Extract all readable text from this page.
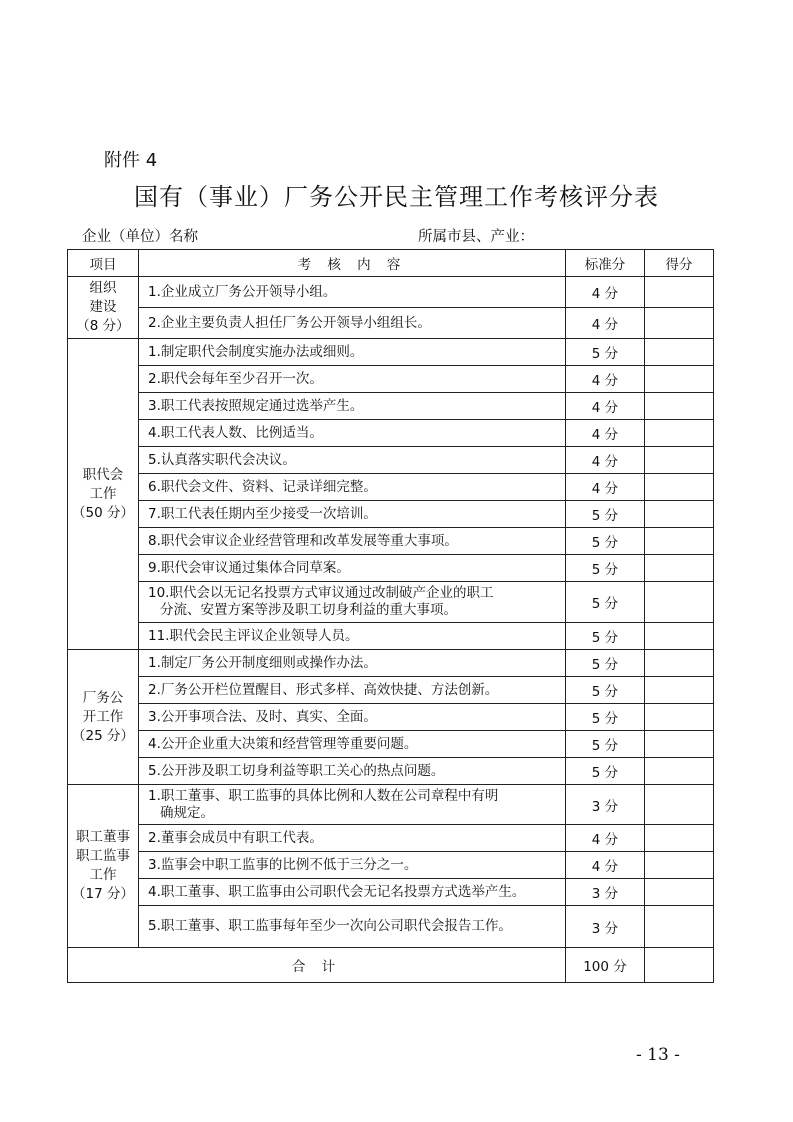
附件 4
国有（事业）厂务公开民主管理工作考核评分表
企业（单位）名称	所属市县、产业：
项目	考 核 内 容	标准分	得分
组织
建设
（8 分）	1.企业成立厂务公开领导小组。	4 分	
	2.企业主要负责人担任厂务公开领导小组组长。	4 分	
职代会
工作
（50 分）	1.制定职代会制度实施办法或细则。	5 分	
	2.职代会每年至少召开一次。	4 分	
	3.职工代表按照规定通过选举产生。	4 分	
	4.职工代表人数、比例适当。	4 分	
	5.认真落实职代会决议。	4 分	
	6.职代会文件、资料、记录详细完整。	4 分	
	7.职工代表任期内至少接受一次培训。	5 分	
	8.职代会审议企业经营管理和改革发展等重大事项。	5 分	
	9.职代会审议通过集体合同草案。	5 分	
	10.职代会以无记名投票方式审议通过改制破产企业的职工
分流、安置方案等涉及职工切身利益的重大事项。	5 分	
	11.职代会民主评议企业领导人员。	5 分	
厂务公
开工作
（25 分）	1.制定厂务公开制度细则或操作办法。	5 分	
	2.厂务公开栏位置醒目、形式多样、高效快捷、方法创新。	5 分	
	3.公开事项合法、及时、真实、全面。	5 分	
	4.公开企业重大决策和经营管理等重要问题。	5 分	
	5.公开涉及职工切身利益等职工关心的热点问题。	5 分	
职工董事
职工监事
工作
（17 分）	1.职工董事、职工监事的具体比例和人数在公司章程中有明
确规定。	3 分	
	2.董事会成员中有职工代表。	4 分	
	3.监事会中职工监事的比例不低于三分之一。	4 分	
	4.职工董事、职工监事由公司职代会无记名投票方式选举产生。	3 分	
	5.职工董事、职工监事每年至少一次向公司职代会报告工作。	3 分	
合 计		100 分	
- 13 -
